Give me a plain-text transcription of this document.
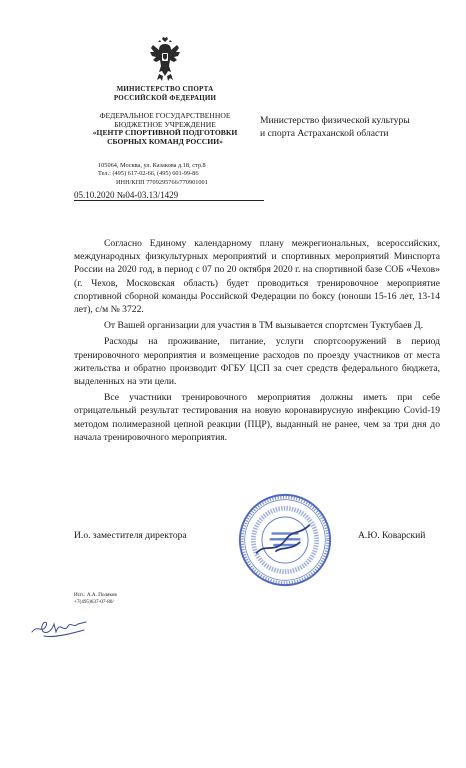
МИНИСТЕРСТВО СПОРТА
РОССИЙСКОЙ ФЕДЕРАЦИИ
ФЕДЕРАЛЬНОЕ ГОСУДАРСТВЕННОЕ
БЮДЖЕТНОЕ УЧРЕЖДЕНИЕ
«ЦЕНТР СПОРТИВНОЙ ПОДГОТОВКИ
СБОРНЫХ КОМАНД РОССИИ»
105064, Москва, ул. Казакова д.18, стр.8
Тел.: (495) 617-02-66, (495) 601-99-86
ИНН/КПП 7709295766/770901001
Министерство физической культуры
и спорта Астраханской области
05.10.2020 №04-03.13/1429

Согласно Единому календарному плану межрегиональных, всероссийских, международных физкультурных мероприятий и спортивных мероприятий Минспорта России на 2020 год, в период с 07 по 20 октября 2020 г. на спортивной базе СОБ «Чехов» (г. Чехов, Московская область) будет проводиться тренировочное мероприятие спортивной сборной команды Российской Федерации по боксу (юноши 15-16 лет, 13-14 лет), с/м № 3722.

От Вашей организации для участия в ТМ вызывается спортсмен Туктубаев Д.

Расходы на проживание, питание, услуги спортсооружений в период тренировочного мероприятия и возмещение расходов по проезду участников от места жительства и обратно производит ФГБУ ЦСП за счет средств федерального бюджета, выделенных на эти цели.

Все участники тренировочного мероприятия должны иметь при себе отрицательный результат тестирования на новую коронавирусную инфекцию Covid-19 методом полимеразной цепной реакции (ПЦР), выданный не ранее, чем за три дня до начала тренировочного мероприятия.

И.о. заместителя директора	А.Ю. Коварский
Исп.: А.А. Поляков
+7(495)637-07-80/
